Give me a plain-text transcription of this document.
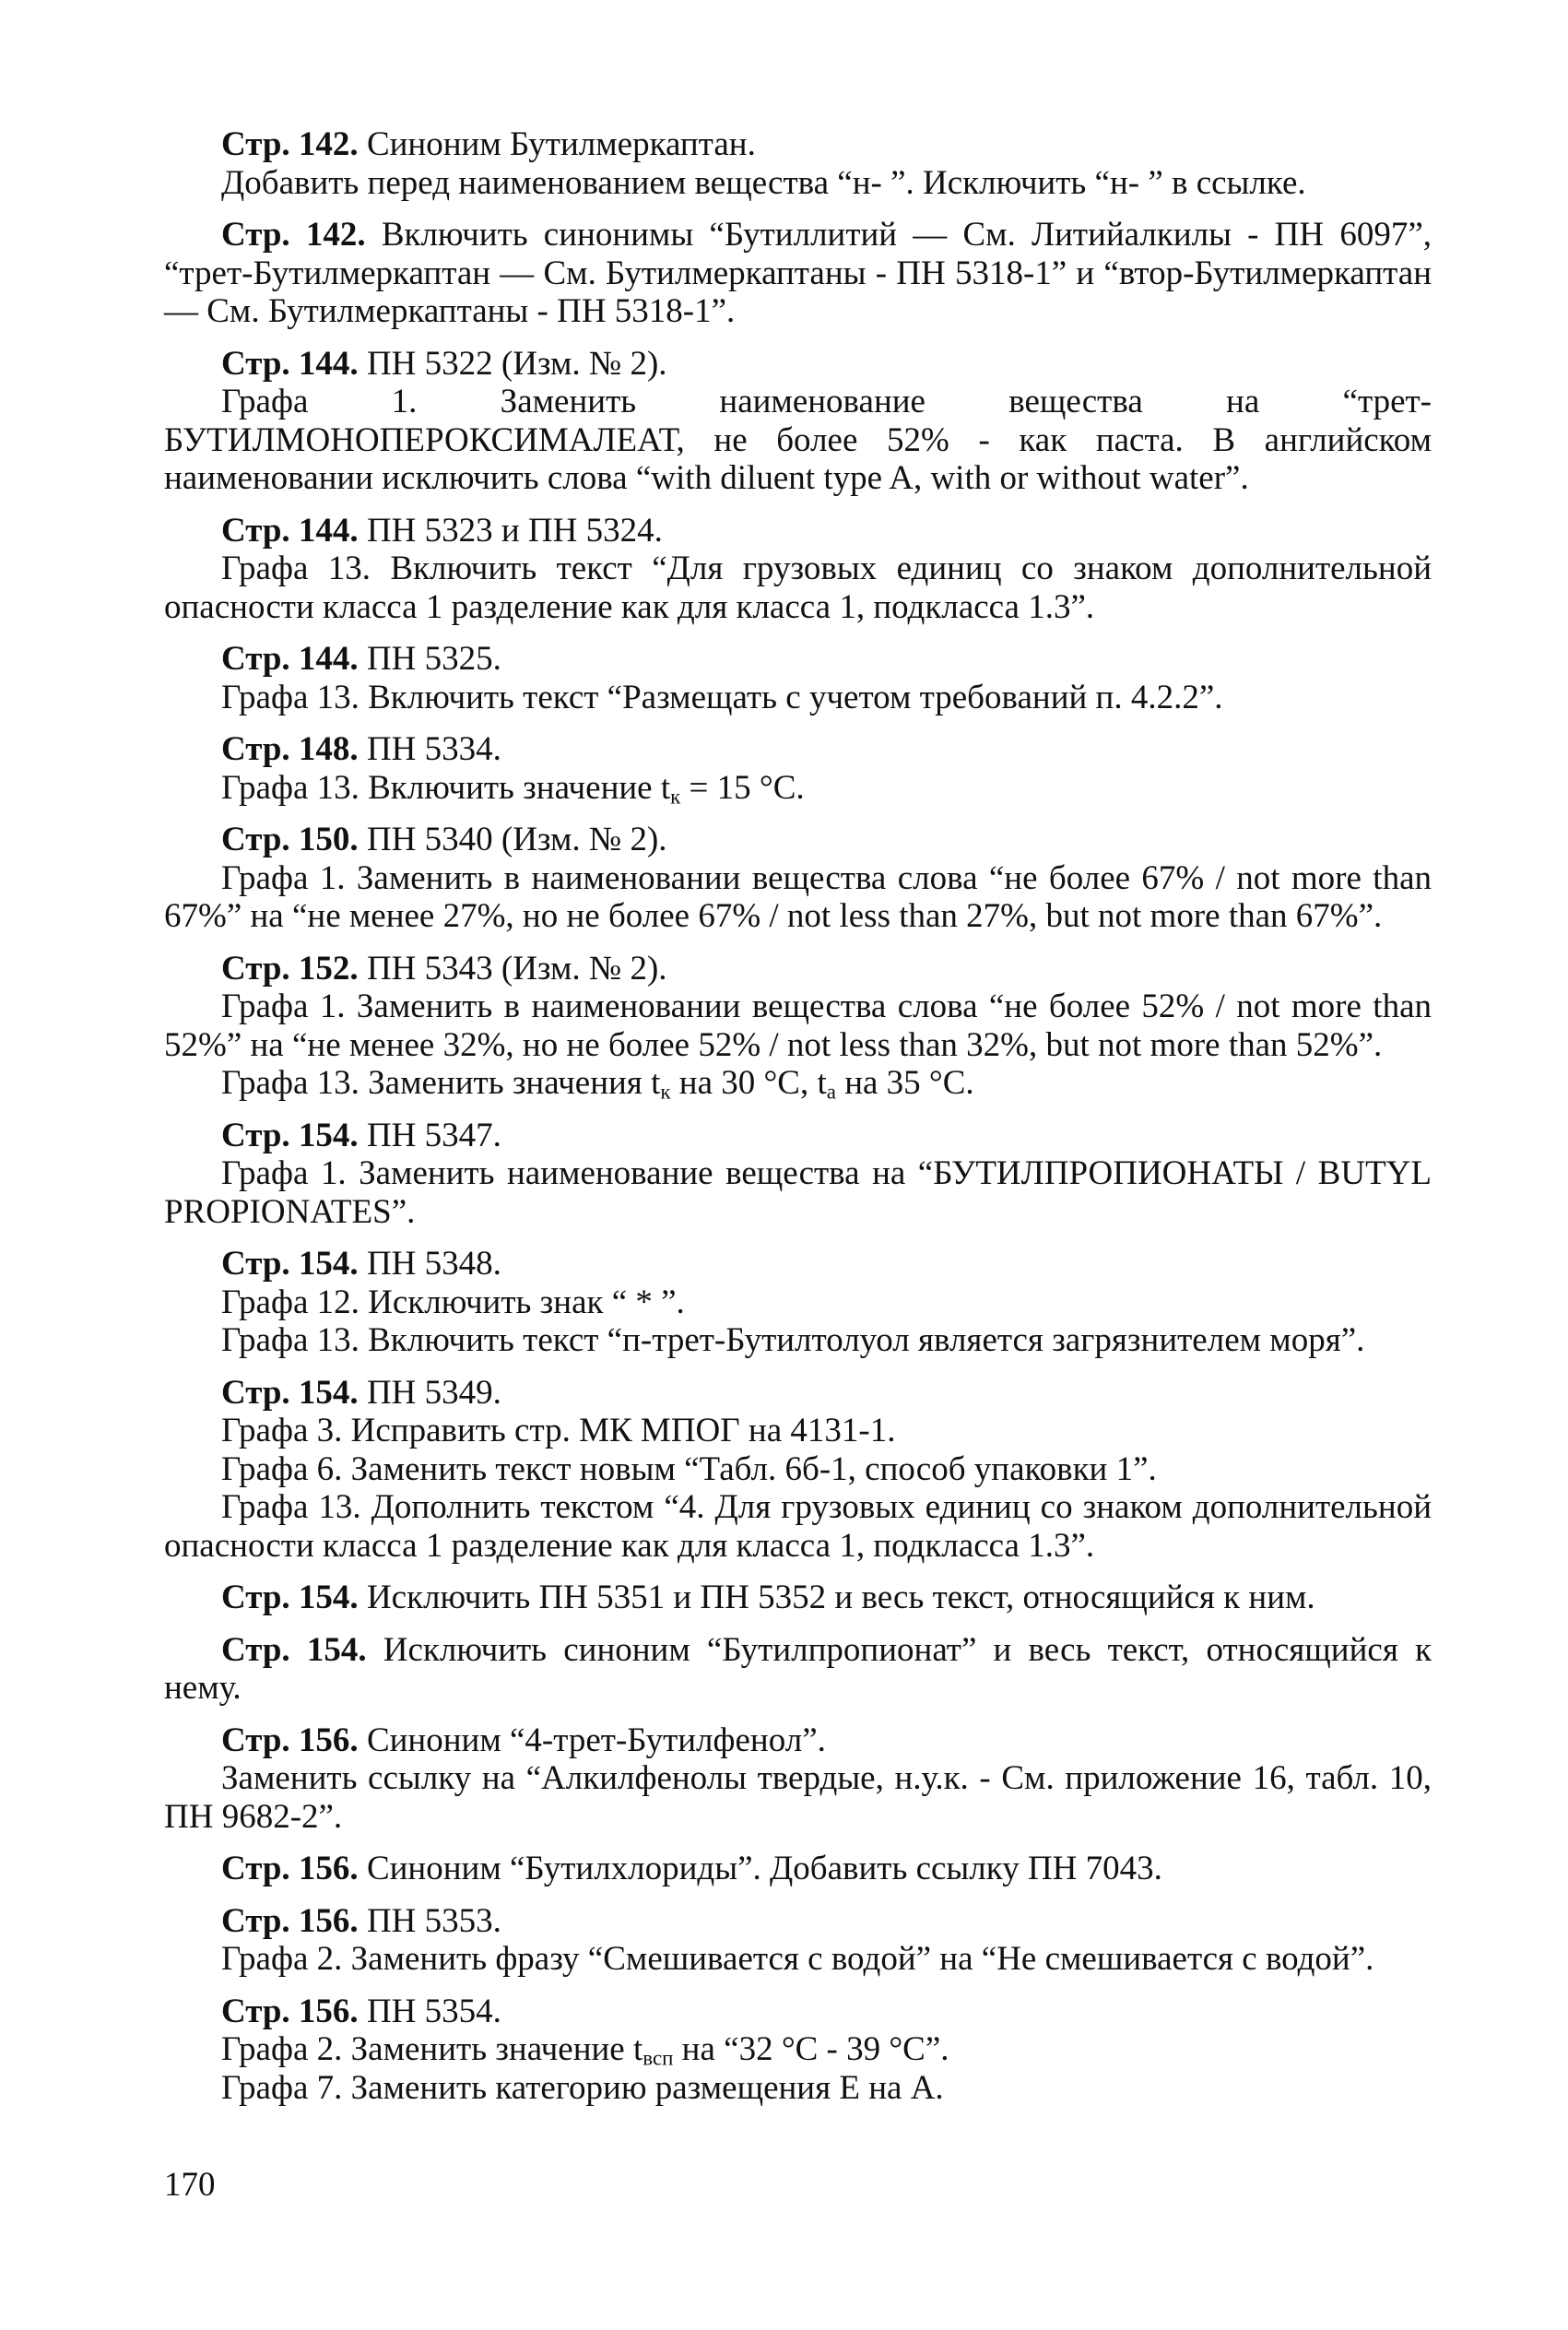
Стр. 142. Синоним Бутилмеркаптан.
Добавить перед наименованием вещества “н- ”. Исключить “н- ” в ссылке.
Стр. 142. Включить синонимы “Бутиллитий — См. Литийалкилы - ПН 6097”, “трет-Бутилмеркаптан — См. Бутилмеркаптаны - ПН 5318-1” и “втор-Бутилмеркаптан — См. Бутилмеркаптаны - ПН 5318-1”.
Стр. 144. ПН 5322 (Изм. № 2).
Графа 1. Заменить наименование вещества на “трет-БУТИЛМОНОПЕРОКСИМАЛЕАТ, не более 52% - как паста. В английском наименовании исключить слова “with diluent type A, with or without water”.
Стр. 144. ПН 5323 и ПН 5324.
Графа 13. Включить текст “Для грузовых единиц со знаком дополнительной опасности класса 1 разделение как для класса 1, подкласса 1.3”.
Стр. 144. ПН 5325.
Графа 13. Включить текст “Размещать с учетом требований п. 4.2.2”.
Стр. 148. ПН 5334.
Графа 13. Включить значение $t_к = 15$ °С.
Стр. 150. ПН 5340 (Изм. № 2).
Графа 1. Заменить в наименовании вещества слова “не более 67% / not more than 67%” на “не менее 27%, но не более 67% / not less than 27%, but not more than 67%”.
Стр. 152. ПН 5343 (Изм. № 2).
Графа 1. Заменить в наименовании вещества слова “не более 52% / not more than 52%” на “не менее 32%, но не более 52% / not less than 32%, but not more than 52%”.
Графа 13. Заменить значения $t_к$ на 30 °С, $t_а$ на 35 °С.
Стр. 154. ПН 5347.
Графа 1. Заменить наименование вещества на “БУТИЛПРОПИОНАТЫ / BUTYL PROPIONATES”.
Стр. 154. ПН 5348.
Графа 12. Исключить знак “ * ”.
Графа 13. Включить текст “п-трет-Бутилтолуол является загрязнителем моря”.
Стр. 154. ПН 5349.
Графа 3. Исправить стр. МК МПОГ на 4131-1.
Графа 6. Заменить текст новым “Табл. 6б-1, способ упаковки 1”.
Графа 13. Дополнить текстом “4. Для грузовых единиц со знаком дополнительной опасности класса 1 разделение как для класса 1, подкласса 1.3”.
Стр. 154. Исключить ПН 5351 и ПН 5352 и весь текст, относящийся к ним.
Стр. 154. Исключить синоним “Бутилпропионат” и весь текст, относящийся к нему.
Стр. 156. Синоним “4-трет-Бутилфенол”.
Заменить ссылку на “Алкилфенолы твердые, н.у.к. - См. приложение 16, табл. 10, ПН 9682-2”.
Стр. 156. Синоним “Бутилхлориды”. Добавить ссылку ПН 7043.
Стр. 156. ПН 5353.
Графа 2. Заменить фразу “Смешивается с водой” на “Не смешивается с водой”.
Стр. 156. ПН 5354.
Графа 2. Заменить значение $t_{всп}$ на “32 °С - 39 °С”.
Графа 7. Заменить категорию размещения Е на А.
170
